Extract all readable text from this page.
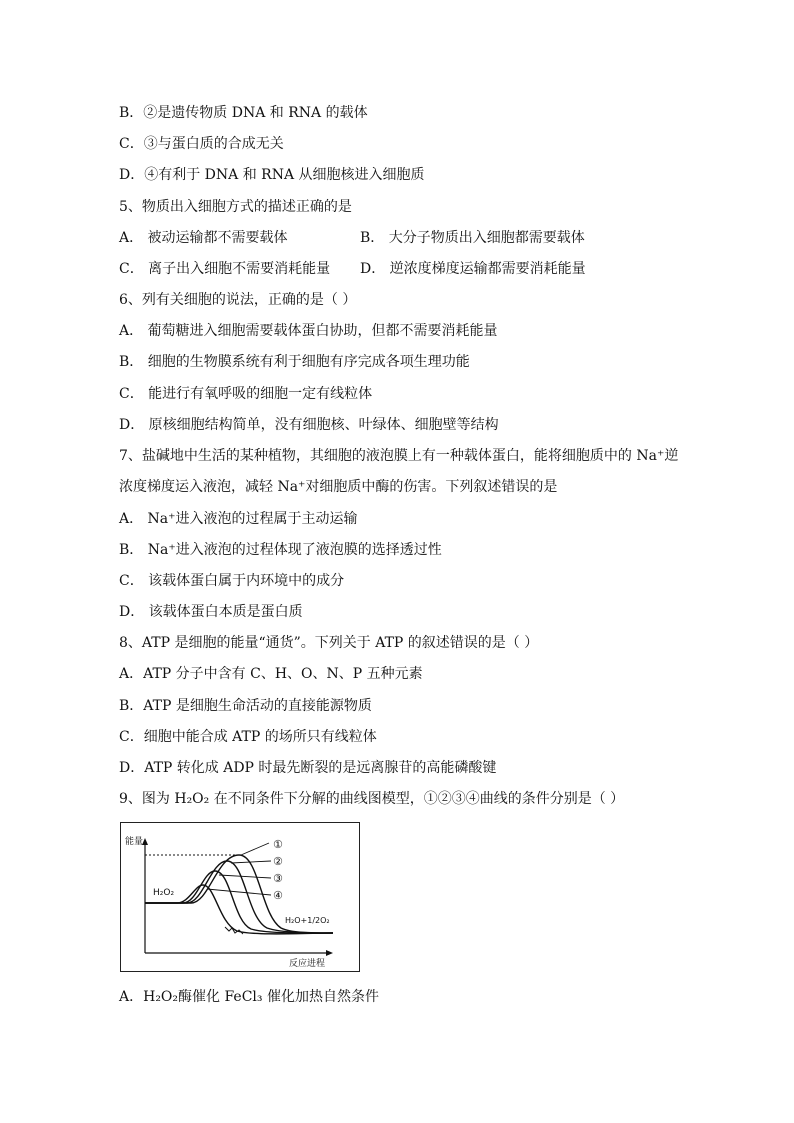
B．②是遗传物质 DNA 和 RNA 的载体
C．③与蛋白质的合成无关
D．④有利于 DNA 和 RNA 从细胞核进入细胞质
5、物质出入细胞方式的描述正确的是
A． 被动运输都不需要载体	B． 大分子物质出入细胞都需要载体
C． 离子出入细胞不需要消耗能量 D． 逆浓度梯度运输都需要消耗能量
6、列有关细胞的说法，正确的是（ ）
A． 葡萄糖进入细胞需要载体蛋白协助，但都不需要消耗能量
B． 细胞的生物膜系统有利于细胞有序完成各项生理功能
C． 能进行有氧呼吸的细胞一定有线粒体
D． 原核细胞结构简单，没有细胞核、叶绿体、细胞壁等结构
7、盐碱地中生活的某种植物，其细胞的液泡膜上有一种载体蛋白，能将细胞质中的 Na⁺逆
浓度梯度运入液泡，减轻 Na⁺对细胞质中酶的伤害。下列叙述错误的是
A． Na⁺进入液泡的过程属于主动运输
B． Na⁺进入液泡的过程体现了液泡膜的选择透过性
C． 该载体蛋白属于内环境中的成分
D． 该载体蛋白本质是蛋白质
8、ATP 是细胞的能量“通货”。下列关于 ATP 的叙述错误的是（ ）
A．ATP 分子中含有 C、H、O、N、P 五种元素
B．ATP 是细胞生命活动的直接能源物质
C．细胞中能合成 ATP 的场所只有线粒体
D．ATP 转化成 ADP 时最先断裂的是远离腺苷的高能磷酸键
9、图为 H₂O₂ 在不同条件下分解的曲线图模型，①②③④曲线的条件分别是（ ）
能量
反应进程
H₂O₂
H₂O+1/2O₂
①
②
③
④
A．H₂O₂酶催化 FeCl₃ 催化加热自然条件
